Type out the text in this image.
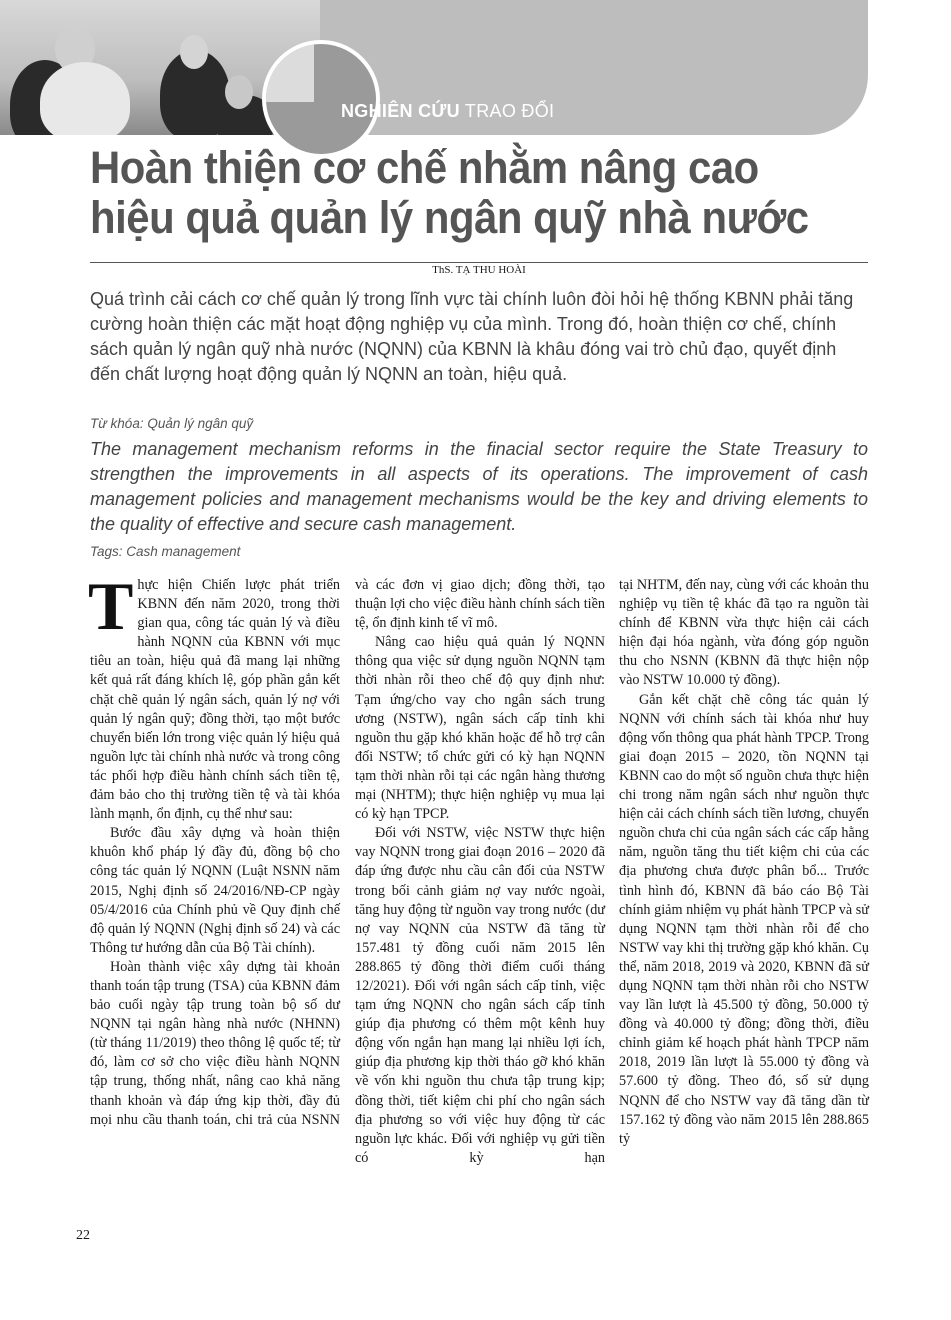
NGHIÊN CỨU TRAO ĐỔI
Hoàn thiện cơ chế nhằm nâng cao hiệu quả quản lý ngân quỹ nhà nước
ThS. TẠ THU HOÀI
Quá trình cải cách cơ chế quản lý trong lĩnh vực tài chính luôn đòi hỏi hệ thống KBNN phải tăng cường hoàn thiện các mặt hoạt động nghiệp vụ của mình. Trong đó, hoàn thiện cơ chế, chính sách quản lý ngân quỹ nhà nước (NQNN) của KBNN là khâu đóng vai trò chủ đạo, quyết định đến chất lượng hoạt động quản lý NQNN an toàn, hiệu quả.
Từ khóa: Quản lý ngân quỹ
The management mechanism reforms in the finacial sector require the State Treasury to strengthen the improvements in all aspects of its operations. The improvement of cash management policies and management mechanisms would be the key and driving elements to the quality of effective and secure cash management.
Tags: Cash management
T hực hiện Chiến lược phát triển KBNN đến năm 2020, trong thời gian qua, công tác quản lý và điều hành NQNN của KBNN với mục tiêu an toàn, hiệu quả đã mang lại những kết quả rất đáng khích lệ, góp phần gắn kết chặt chẽ quản lý ngân sách, quản lý nợ với quản lý ngân quỹ; đồng thời, tạo một bước chuyển biến lớn trong việc quản lý hiệu quả nguồn lực tài chính nhà nước và trong công tác phối hợp điều hành chính sách tiền tệ, đảm bảo cho thị trường tiền tệ và tài khóa lành mạnh, ổn định, cụ thể như sau:

Bước đầu xây dựng và hoàn thiện khuôn khổ pháp lý đầy đủ, đồng bộ cho công tác quản lý NQNN (Luật NSNN năm 2015, Nghị định số 24/2016/NĐ-CP ngày 05/4/2016 của Chính phủ về Quy định chế độ quản lý NQNN (Nghị định số 24) và các Thông tư hướng dẫn của Bộ Tài chính).

Hoàn thành việc xây dựng tài khoản thanh toán tập trung (TSA) của KBNN đảm bảo cuối ngày tập trung toàn bộ số dư NQNN tại ngân hàng nhà nước (NHNN) (từ tháng 11/2019) theo thông lệ quốc tế; từ đó, làm cơ sở cho việc điều hành NQNN tập trung, thống nhất, nâng cao khả năng thanh khoản và đáp ứng kịp thời, đầy đủ mọi nhu cầu thanh toán, chi trả của NSNN

và các đơn vị giao dịch; đồng thời, tạo thuận lợi cho việc điều hành chính sách tiền tệ, ổn định kinh tế vĩ mô.

Nâng cao hiệu quả quản lý NQNN thông qua việc sử dụng nguồn NQNN tạm thời nhàn rỗi theo chế độ quy định như: Tạm ứng/cho vay cho ngân sách trung ương (NSTW), ngân sách cấp tỉnh khi nguồn thu gặp khó khăn hoặc để hỗ trợ cân đối NSTW; tổ chức gửi có kỳ hạn NQNN tạm thời nhàn rỗi tại các ngân hàng thương mại (NHTM); thực hiện nghiệp vụ mua lại có kỳ hạn TPCP.

Đối với NSTW, việc NSTW thực hiện vay NQNN trong giai đoạn 2016 – 2020 đã đáp ứng được nhu cầu cân đối của NSTW trong bối cảnh giảm nợ vay nước ngoài, tăng huy động từ nguồn vay trong nước (dư nợ vay NQNN của NSTW đã tăng từ 157.481 tỷ đồng cuối năm 2015 lên 288.865 tỷ đồng thời điểm cuối tháng 12/2021). Đối với ngân sách cấp tỉnh, việc tạm ứng NQNN cho ngân sách cấp tỉnh giúp địa phương có thêm một kênh huy động vốn ngắn hạn mang lại nhiều lợi ích, giúp địa phương kịp thời tháo gỡ khó khăn về vốn khi nguồn thu chưa tập trung kịp; đồng thời, tiết kiệm chi phí cho ngân sách địa phương so với việc huy động từ các nguồn lực khác. Đối với nghiệp vụ gửi tiền có kỳ hạn

tại NHTM, đến nay, cùng với các khoản thu nghiệp vụ tiền tệ khác đã tạo ra nguồn tài chính để KBNN vừa thực hiện cải cách hiện đại hóa ngành, vừa đóng góp nguồn thu cho NSNN (KBNN đã thực hiện nộp vào NSTW 10.000 tỷ đồng).

Gắn kết chặt chẽ công tác quản lý NQNN với chính sách tài khóa như huy động vốn thông qua phát hành TPCP. Trong giai đoạn 2015 – 2020, tồn NQNN tại KBNN cao do một số nguồn chưa thực hiện chi trong năm ngân sách như nguồn thực hiện cải cách chính sách tiền lương, chuyển nguồn chưa chi của ngân sách các cấp hằng năm, nguồn tăng thu tiết kiệm chi của các địa phương chưa được phân bổ... Trước tình hình đó, KBNN đã báo cáo Bộ Tài chính giảm nhiệm vụ phát hành TPCP và sử dụng NQNN tạm thời nhàn rỗi để cho NSTW vay khi thị trường gặp khó khăn. Cụ thể, năm 2018, 2019 và 2020, KBNN đã sử dụng NQNN tạm thời nhàn rỗi cho NSTW vay lần lượt là 45.500 tỷ đồng, 50.000 tỷ đồng và 40.000 tỷ đồng; đồng thời, điều chỉnh giảm kế hoạch phát hành TPCP năm 2018, 2019 lần lượt là 55.000 tỷ đồng và 57.600 tỷ đồng. Theo đó, số sử dụng NQNN để cho NSTW vay đã tăng dần từ 157.162 tỷ đồng vào năm 2015 lên 288.865 tỷ

22
